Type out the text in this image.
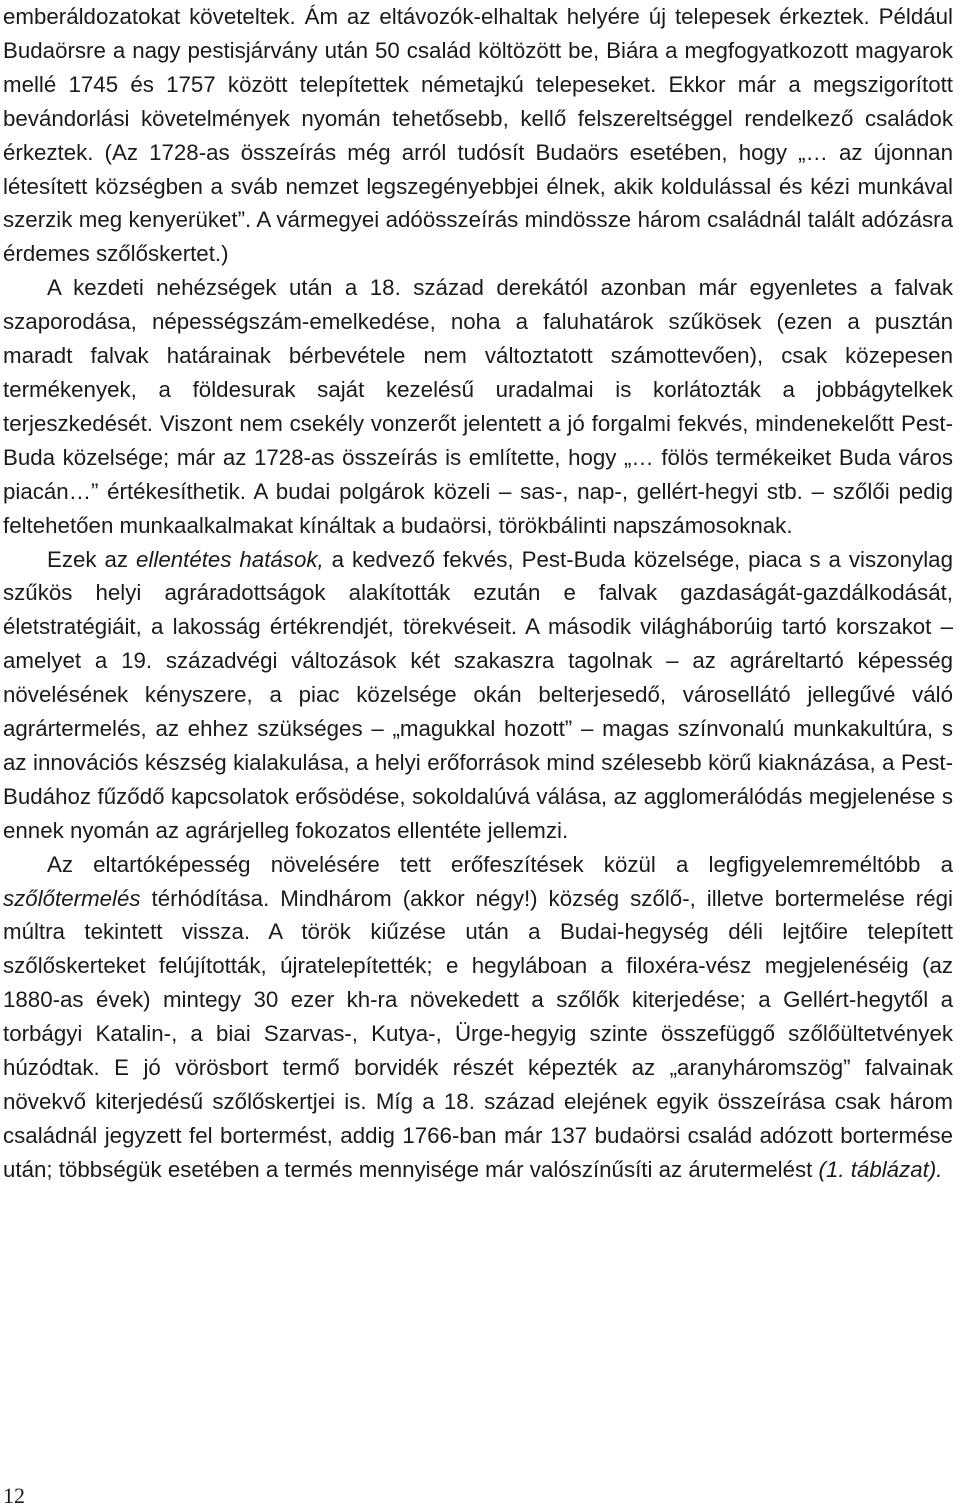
emberáldozatokat követeltek. Ám az eltávozók-elhaltak helyére új telepesek érkeztek. Például Budaörsre a nagy pestisjárvány után 50 család költözött be, Biára a megfogyatkozott magyarok mellé 1745 és 1757 között telepítettek németajkú telepeseket. Ekkor már a megszigorított bevándorlási követelmények nyomán tehetősebb, kellő felszereltséggel rendelkező családok érkeztek. (Az 1728-as összeírás még arról tudósít Budaörs esetében, hogy „… az újonnan létesített községben a sváb nemzet legszegényebbjei élnek, akik koldulással és kézi munkával szerzik meg kenyerüket”. A vármegyei adóösszeírás mindössze három családnál talált adózásra érdemes szőlőskertet.)

A kezdeti nehézségek után a 18. század derekától azonban már egyenletes a falvak szaporodása, népességszám-emelkedése, noha a faluhatárok szűkösek (ezen a pusztán maradt falvak határainak bérbevétele nem változtatott számottevően), csak közepesen termékenyek, a földesurak saját kezelésű uradalmai is korlátozták a jobbágytelkek terjeszkedését. Viszont nem csekély vonzerőt jelentett a jó forgalmi fekvés, mindenekelőtt Pest-Buda közelsége; már az 1728-as összeírás is említette, hogy „… fölös termékeiket Buda város piacán…” értékesíthetik. A budai polgárok közeli – sas-, nap-, gellért-hegyi stb. – szőlői pedig feltehetően munkaalkalmakat kínáltak a budaörsi, törökbálinti napszámosoknak.

Ezek az ellentétes hatások, a kedvező fekvés, Pest-Buda közelsége, piaca s a viszonylag szűkös helyi agráradottságok alakították ezután e falvak gazdaságát-gazdálkodását, életstratégiáit, a lakosság értékrendjét, törekvéseit. A második világháborúig tartó korszakot – amelyet a 19. századvégi változások két szakaszra tagolnak – az agráreltartó képesség növelésének kényszere, a piac közelsége okán belterjesedő, városellátó jellegűvé váló agrártermelés, az ehhez szükséges – „magukkal hozott” – magas színvonalú munkakultúra, s az innovációs készség kialakulása, a helyi erőforrások mind szélesebb körű kiaknázása, a Pest-Budához fűződő kapcsolatok erősödése, sokoldalúvá válása, az agglomerálódás megjelenése s ennek nyomán az agrárjelleg fokozatos ellentéte jellemzi.

Az eltartóképesség növelésére tett erőfeszítések közül a legfigyelemreméltóbb a szőlőtermelés térhódítása. Mindhárom (akkor négy!) község szőlő-, illetve bortermelése régi múltra tekintett vissza. A török kiűzése után a Budai-hegység déli lejtőire telepített szőlőskerteket felújították, újratelepítették; e hegyláboan a filoxéra-vész megjelenéséig (az 1880-as évek) mintegy 30 ezer kh-ra növekedett a szőlők kiterjedése; a Gellért-hegytől a torbágyi Katalin-, a biai Szarvas-, Kutya-, Ürge-hegyig szinte összefüggő szőlőültetvények húzódtak. E jó vörösbort termő borvidék részét képezték az „aranyháromszög” falvainak növekvő kiterjedésű szőlőskertjei is. Míg a 18. század elejének egyik összeírása csak három családnál jegyzett fel bortermést, addig 1766-ban már 137 budaörsi család adózott bortermése után; többségük esetében a termés mennyisége már valószínűsíti az árutermelést (1. táblázat).

12
